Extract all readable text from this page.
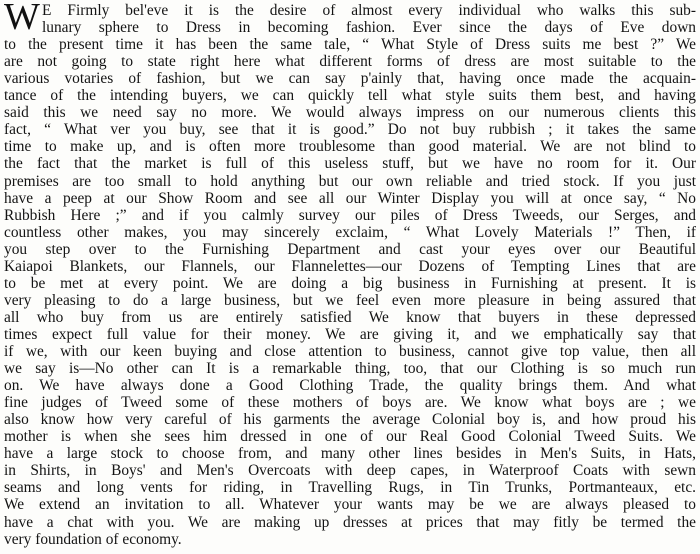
W E Firmly bel'eve it is the desire of almost every individual who walks this sub-
lunary sphere to Dress in becoming fashion. Ever since the days of Eve down
to the present time it has been the same tale, “ What Style of Dress suits me best ?” We
are not going to state right here what different forms of dress are most suitable to the
various votaries of fashion, but we can say p'ainly that, having once made the acquain-
tance of the intending buyers, we can quickly tell what style suits them best, and having
said this we need say no more. We would always impress on our numerous clients this
fact, “ What ver you buy, see that it is good.” Do not buy rubbish ; it takes the same
time to make up, and is often more troublesome than good material. We are not blind to
the fact that the market is full of this useless stuff, but we have no room for it. Our
premises are too small to hold anything but our own reliable and tried stock. If you just
have a peep at our Show Room and see all our Winter Display you will at once say, “ No
Rubbish Here ;” and if you calmly survey our piles of Dress Tweeds, our Serges, and
countless other makes, you may sincerely exclaim, “ What Lovely Materials !” Then, if
you step over to the Furnishing Department and cast your eyes over our Beautiful
Kaiapoi Blankets, our Flannels, our Flannelettes—our Dozens of Tempting Lines that are
to be met at every point. We are doing a big business in Furnishing at present. It is
very pleasing to do a large business, but we feel even more pleasure in being assured that
all who buy from us are entirely satisfied We know that buyers in these depressed
times expect full value for their money. We are giving it, and we emphatically say that
if we, with our keen buying and close attention to business, cannot give top value, then all
we say is—No other can It is a remarkable thing, too, that our Clothing is so much run
on. We have always done a Good Clothing Trade, the quality brings them. And what
fine judges of Tweed some of these mothers of boys are. We know what boys are ; we
also know how very careful of his garments the average Colonial boy is, and how proud his
mother is when she sees him dressed in one of our Real Good Colonial Tweed Suits. We
have a large stock to choose from, and many other lines besides in Men's Suits, in Hats,
in Shirts, in Boys' and Men's Overcoats with deep capes, in Waterproof Coats with sewn
seams and long vents for riding, in Travelling Rugs, in Tin Trunks, Portmanteaux, etc.
We extend an invitation to all. Whatever your wants may be we are always pleased to
have a chat with you. We are making up dresses at prices that may fitly be termed the
very foundation of economy.
